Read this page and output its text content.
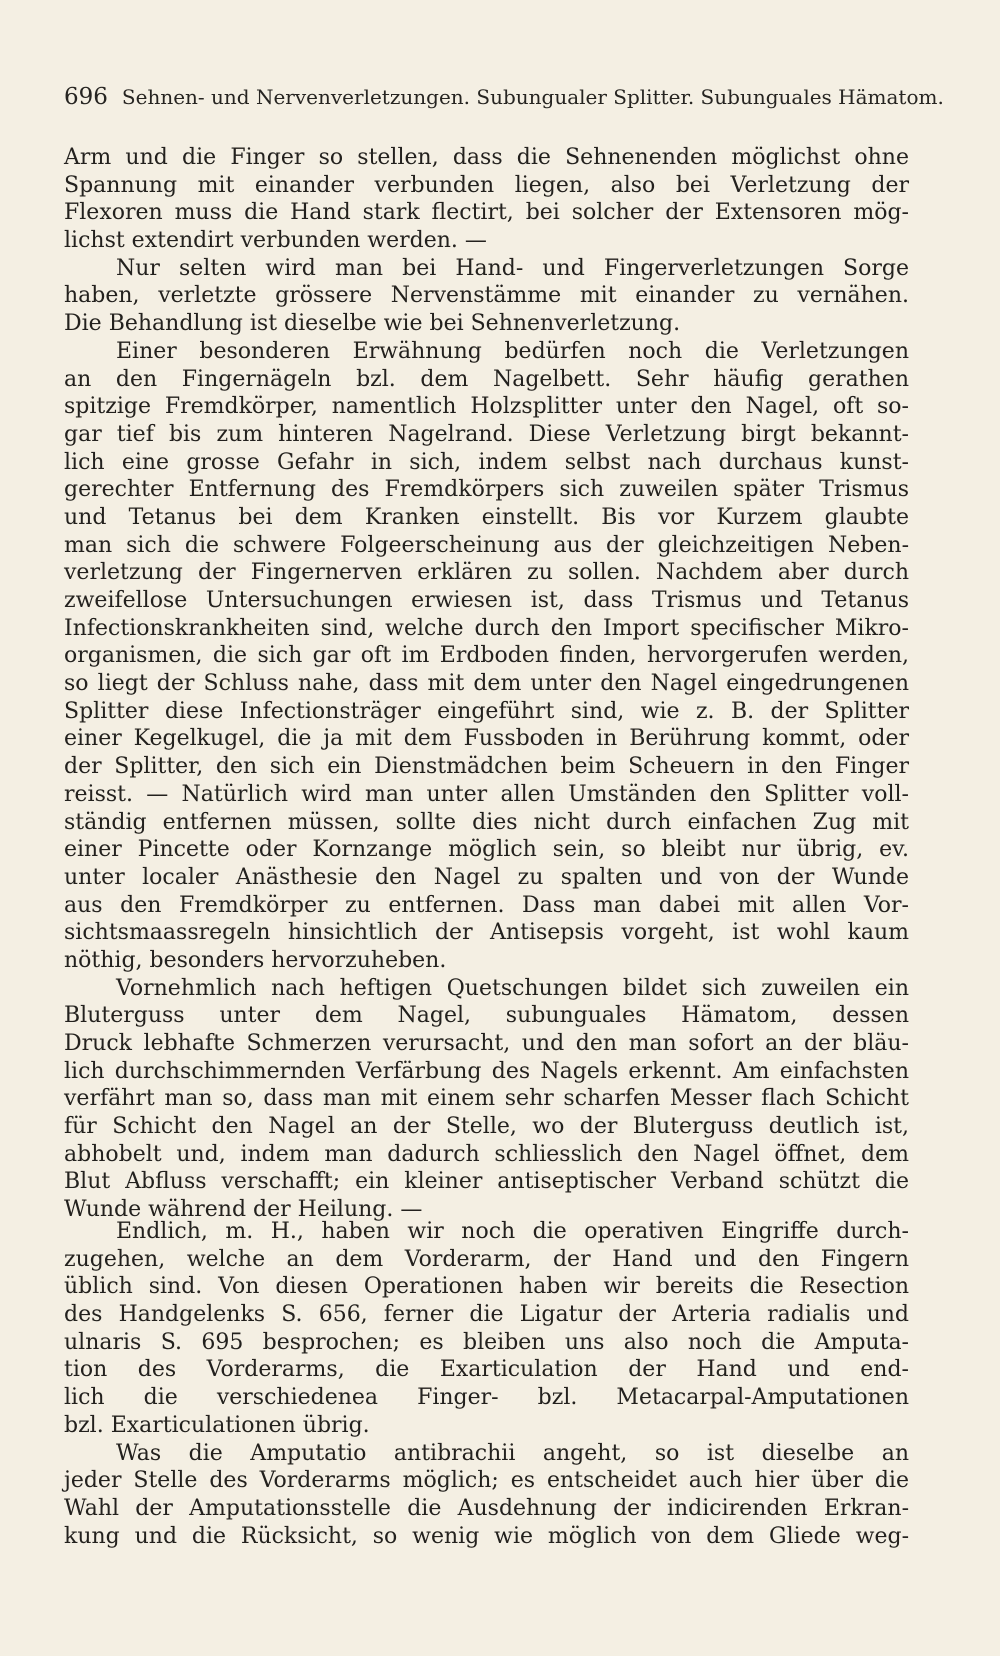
696 Sehnen- und Nervenverletzungen. Subungualer Splitter. Subunguales Hämatom.
Arm und die Finger so stellen, dass die Sehnenenden möglichst ohne
Spannung mit einander verbunden liegen, also bei Verletzung der
Flexoren muss die Hand stark flectirt, bei solcher der Extensoren mög-
lichst extendirt verbunden werden. —
Nur selten wird man bei Hand- und Fingerverletzungen Sorge
haben, verletzte grössere Nervenstämme mit einander zu vernähen.
Die Behandlung ist dieselbe wie bei Sehnenverletzung.
Einer besonderen Erwähnung bedürfen noch die Verletzungen
an den Fingernägeln bzl. dem Nagelbett. Sehr häufig gerathen
spitzige Fremdkörper, namentlich Holzsplitter unter den Nagel, oft so-
gar tief bis zum hinteren Nagelrand. Diese Verletzung birgt bekannt-
lich eine grosse Gefahr in sich, indem selbst nach durchaus kunst-
gerechter Entfernung des Fremdkörpers sich zuweilen später Trismus
und Tetanus bei dem Kranken einstellt. Bis vor Kurzem glaubte
man sich die schwere Folgeerscheinung aus der gleichzeitigen Neben-
verletzung der Fingernerven erklären zu sollen. Nachdem aber durch
zweifellose Untersuchungen erwiesen ist, dass Trismus und Tetanus
Infectionskrankheiten sind, welche durch den Import specifischer Mikro-
organismen, die sich gar oft im Erdboden finden, hervorgerufen werden,
so liegt der Schluss nahe, dass mit dem unter den Nagel eingedrungenen
Splitter diese Infectionsträger eingeführt sind, wie z. B. der Splitter
einer Kegelkugel, die ja mit dem Fussboden in Berührung kommt, oder
der Splitter, den sich ein Dienstmädchen beim Scheuern in den Finger
reisst. — Natürlich wird man unter allen Umständen den Splitter voll-
ständig entfernen müssen, sollte dies nicht durch einfachen Zug mit
einer Pincette oder Kornzange möglich sein, so bleibt nur übrig, ev.
unter localer Anästhesie den Nagel zu spalten und von der Wunde
aus den Fremdkörper zu entfernen. Dass man dabei mit allen Vor-
sichtsmaassregeln hinsichtlich der Antisepsis vorgeht, ist wohl kaum
nöthig, besonders hervorzuheben.
Vornehmlich nach heftigen Quetschungen bildet sich zuweilen ein
Bluterguss unter dem Nagel, subunguales Hämatom, dessen
Druck lebhafte Schmerzen verursacht, und den man sofort an der bläu-
lich durchschimmernden Verfärbung des Nagels erkennt. Am einfachsten
verfährt man so, dass man mit einem sehr scharfen Messer flach Schicht
für Schicht den Nagel an der Stelle, wo der Bluterguss deutlich ist,
abhobelt und, indem man dadurch schliesslich den Nagel öffnet, dem
Blut Abfluss verschafft; ein kleiner antiseptischer Verband schützt die
Wunde während der Heilung. —
Endlich, m. H., haben wir noch die operativen Eingriffe durch-
zugehen, welche an dem Vorderarm, der Hand und den Fingern
üblich sind. Von diesen Operationen haben wir bereits die Resection
des Handgelenks S. 656, ferner die Ligatur der Arteria radialis und
ulnaris S. 695 besprochen; es bleiben uns also noch die Amputa-
tion des Vorderarms, die Exarticulation der Hand und end-
lich die verschiedenea Finger- bzl. Metacarpal-Amputationen
bzl. Exarticulationen übrig.
Was die Amputatio antibrachii angeht, so ist dieselbe an
jeder Stelle des Vorderarms möglich; es entscheidet auch hier über die
Wahl der Amputationsstelle die Ausdehnung der indicirenden Erkran-
kung und die Rücksicht, so wenig wie möglich von dem Gliede weg-
